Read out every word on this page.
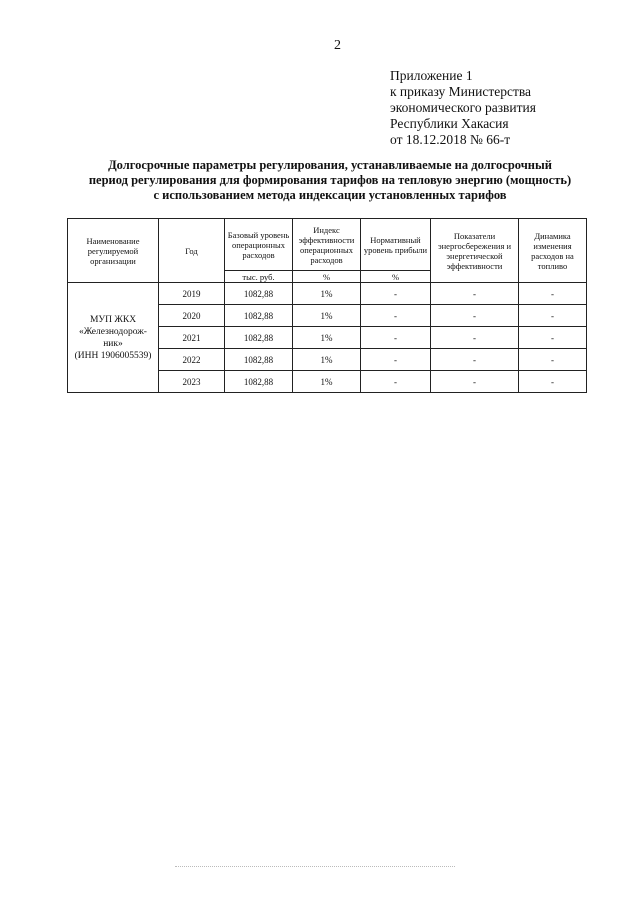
2
Приложение 1
к приказу Министерства
экономического развития
Республики Хакасия
от 18.12.2018 № 66-т
Долгосрочные параметры регулирования, устанавливаемые на долгосрочный
период регулирования для формирования тарифов на тепловую энергию (мощность)
с использованием метода индексации установленных тарифов
Наименование регулируемой организации	Год	Базовый уровень операционных расходов	Индекс эффективности операционных расходов	Нормативный уровень прибыли	Показатели энергосбережения и энергетической эффективности	Динамика изменения расходов на топливо
		тыс. руб.	%	%		

МУП ЖКХ
«Железнодорож-
ник»
(ИНН 1906005539)	2019	1082,88	1%	-	-	-
	2020	1082,88	1%	-	-	-
	2021	1082,88	1%	-	-	-
	2022	1082,88	1%	-	-	-
	2023	1082,88	1%	-	-	-
